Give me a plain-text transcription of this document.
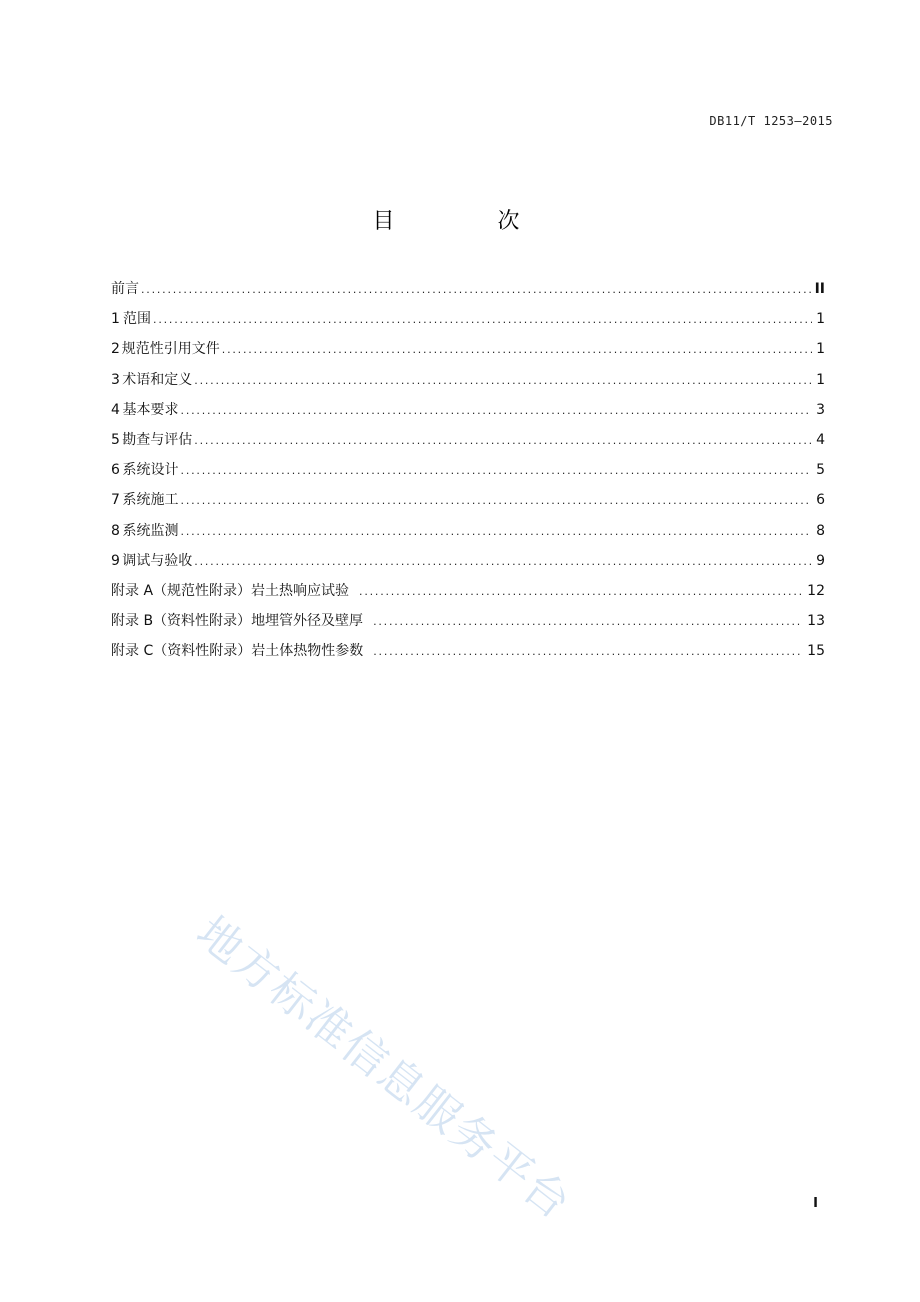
DB11/T 1253—2015
目 次
前言 .....	II
1 范围 .....	1
2 规范性引用文件 .....	1
3 术语和定义 .....	1
4 基本要求 .....	3
5 勘查与评估 .....	4
6 系统设计 .....	5
7 系统施工 .....	6
8 系统监测 .....	8
9 调试与验收 .....	9
附录 A（规范性附录） 岩土热响应试验 .....	12
附录 B（资料性附录） 地埋管外径及壁厚 .....	13
附录 C（资料性附录） 岩土体热物性参数 .....	15
地方标准信息服务平台	I
